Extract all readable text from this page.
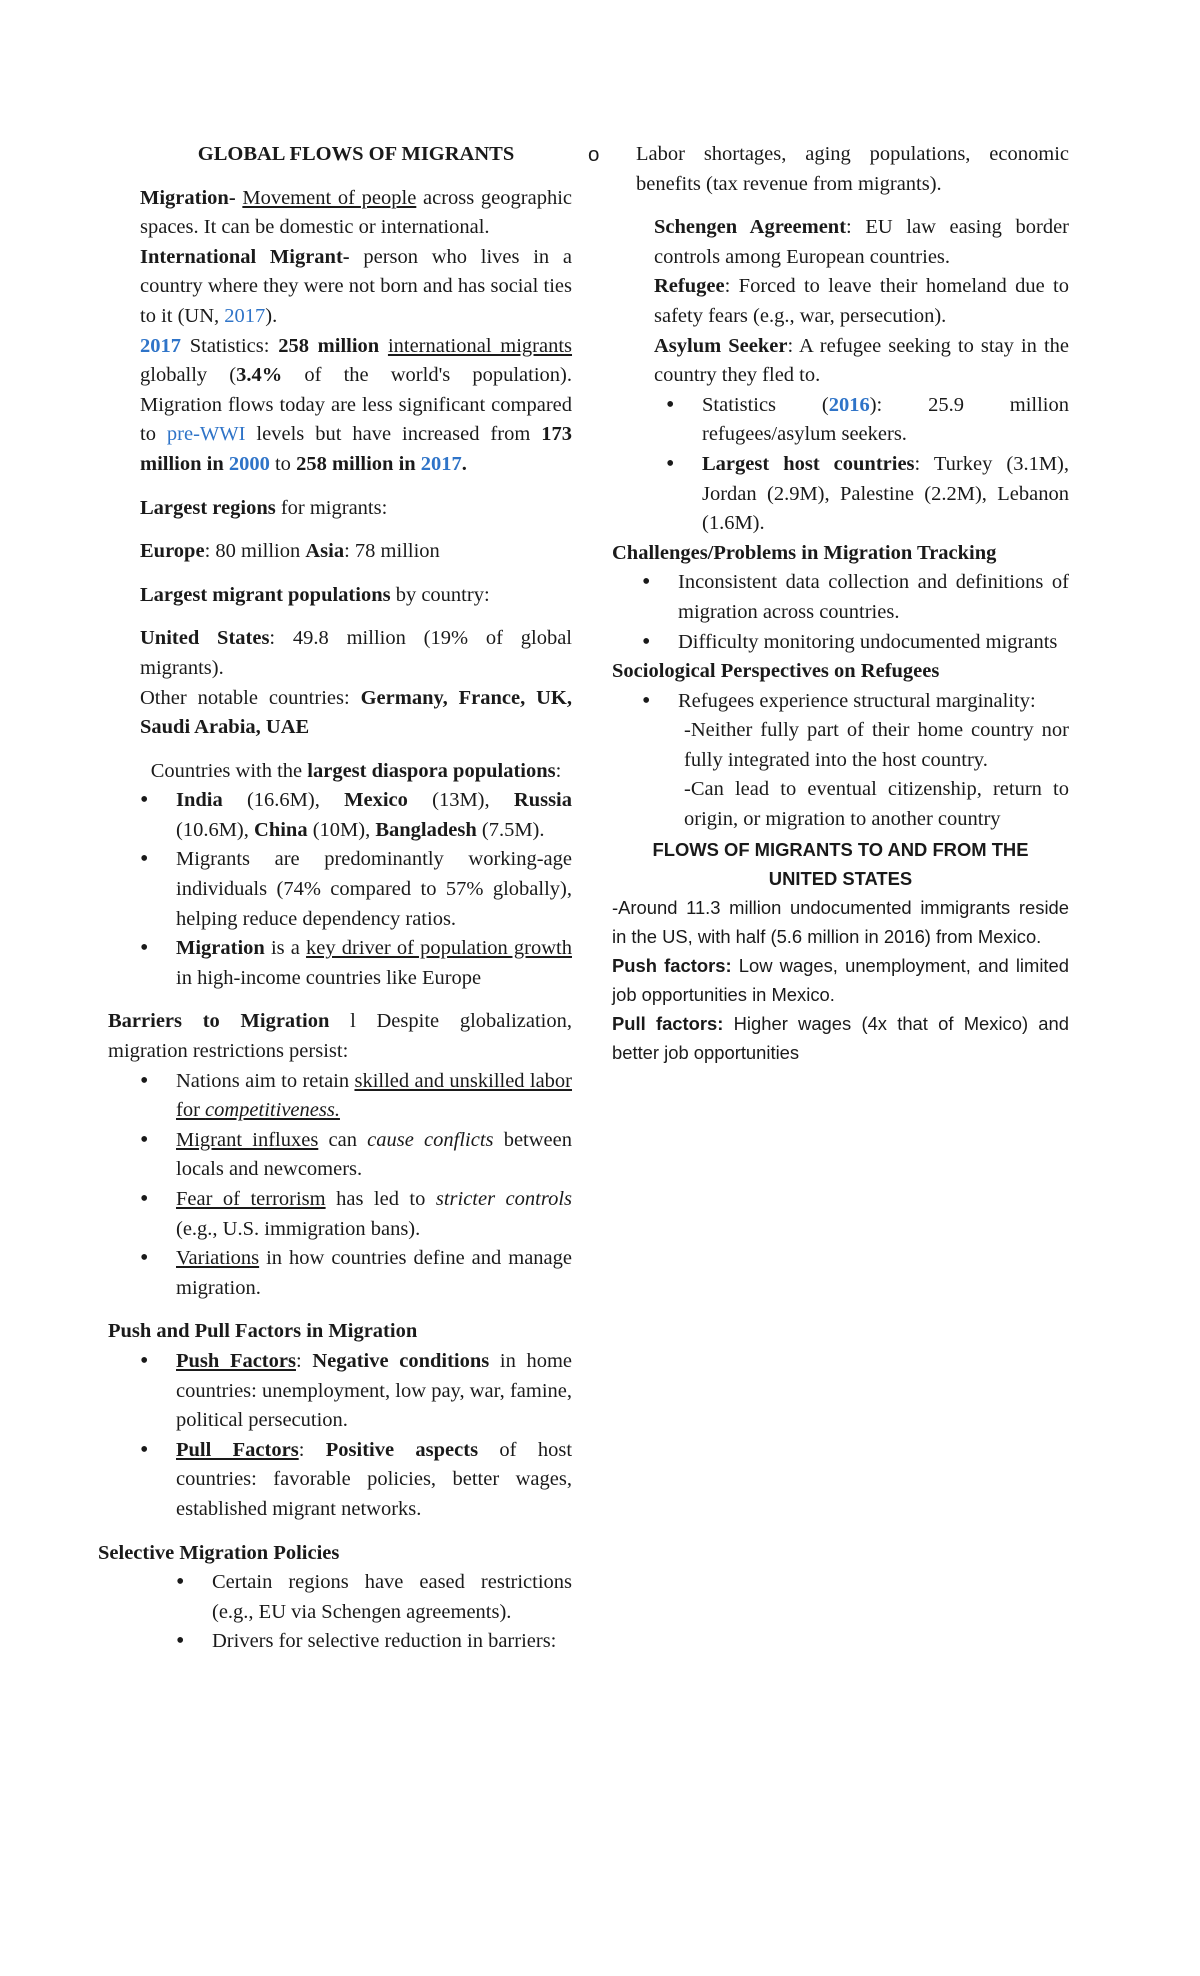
GLOBAL FLOWS OF MIGRANTS

Migration- Movement of people across geographic spaces. It can be domestic or international.

International Migrant- person who lives in a country where they were not born and has social ties to it (UN, 2017).

2017 Statistics: 258 million international migrants globally (3.4% of the world's population). Migration flows today are less significant compared to pre-WWI levels but have increased from 173 million in 2000 to 258 million in 2017.

Largest regions for migrants:

Europe: 80 million Asia: 78 million

Largest migrant populations by country:

United States: 49.8 million (19% of global migrants).

Other notable countries: Germany, France, UK, Saudi Arabia, UAE

Countries with the largest diaspora populations:

• India (16.6M), Mexico (13M), Russia (10.6M), China (10M), Bangladesh (7.5M).
• Migrants are predominantly working-age individuals (74% compared to 57% globally), helping reduce dependency ratios.
• Migration is a key driver of population growth in high-income countries like Europe

Barriers to Migration l Despite globalization, migration restrictions persist:

• Nations aim to retain skilled and unskilled labor for competitiveness.
• Migrant influxes can cause conflicts between locals and newcomers.
• Fear of terrorism has led to stricter controls (e.g., U.S. immigration bans).
• Variations in how countries define and manage migration.

Push and Pull Factors in Migration

• Push Factors: Negative conditions in home countries: unemployment, low pay, war, famine, political persecution.
• Pull Factors: Positive aspects of host countries: favorable policies, better wages, established migrant networks.

Selective Migration Policies

• Certain regions have eased restrictions (e.g., EU via Schengen agreements).
• Drivers for selective reduction in barriers:

o Labor shortages, aging populations, economic benefits (tax revenue from migrants).

Schengen Agreement: EU law easing border controls among European countries.

Refugee: Forced to leave their homeland due to safety fears (e.g., war, persecution).

Asylum Seeker: A refugee seeking to stay in the country they fled to.

• Statistics (2016): 25.9 million refugees/asylum seekers.
• Largest host countries: Turkey (3.1M), Jordan (2.9M), Palestine (2.2M), Lebanon (1.6M).

Challenges/Problems in Migration Tracking

• Inconsistent data collection and definitions of migration across countries.
• Difficulty monitoring undocumented migrants

Sociological Perspectives on Refugees

• Refugees experience structural marginality:

-Neither fully part of their home country nor fully integrated into the host country.

-Can lead to eventual citizenship, return to origin, or migration to another country

FLOWS OF MIGRANTS TO AND FROM THE UNITED STATES

-Around 11.3 million undocumented immigrants reside in the US, with half (5.6 million in 2016) from Mexico.

Push factors: Low wages, unemployment, and limited job opportunities in Mexico.

Pull factors: Higher wages (4x that of Mexico) and better job opportunities
